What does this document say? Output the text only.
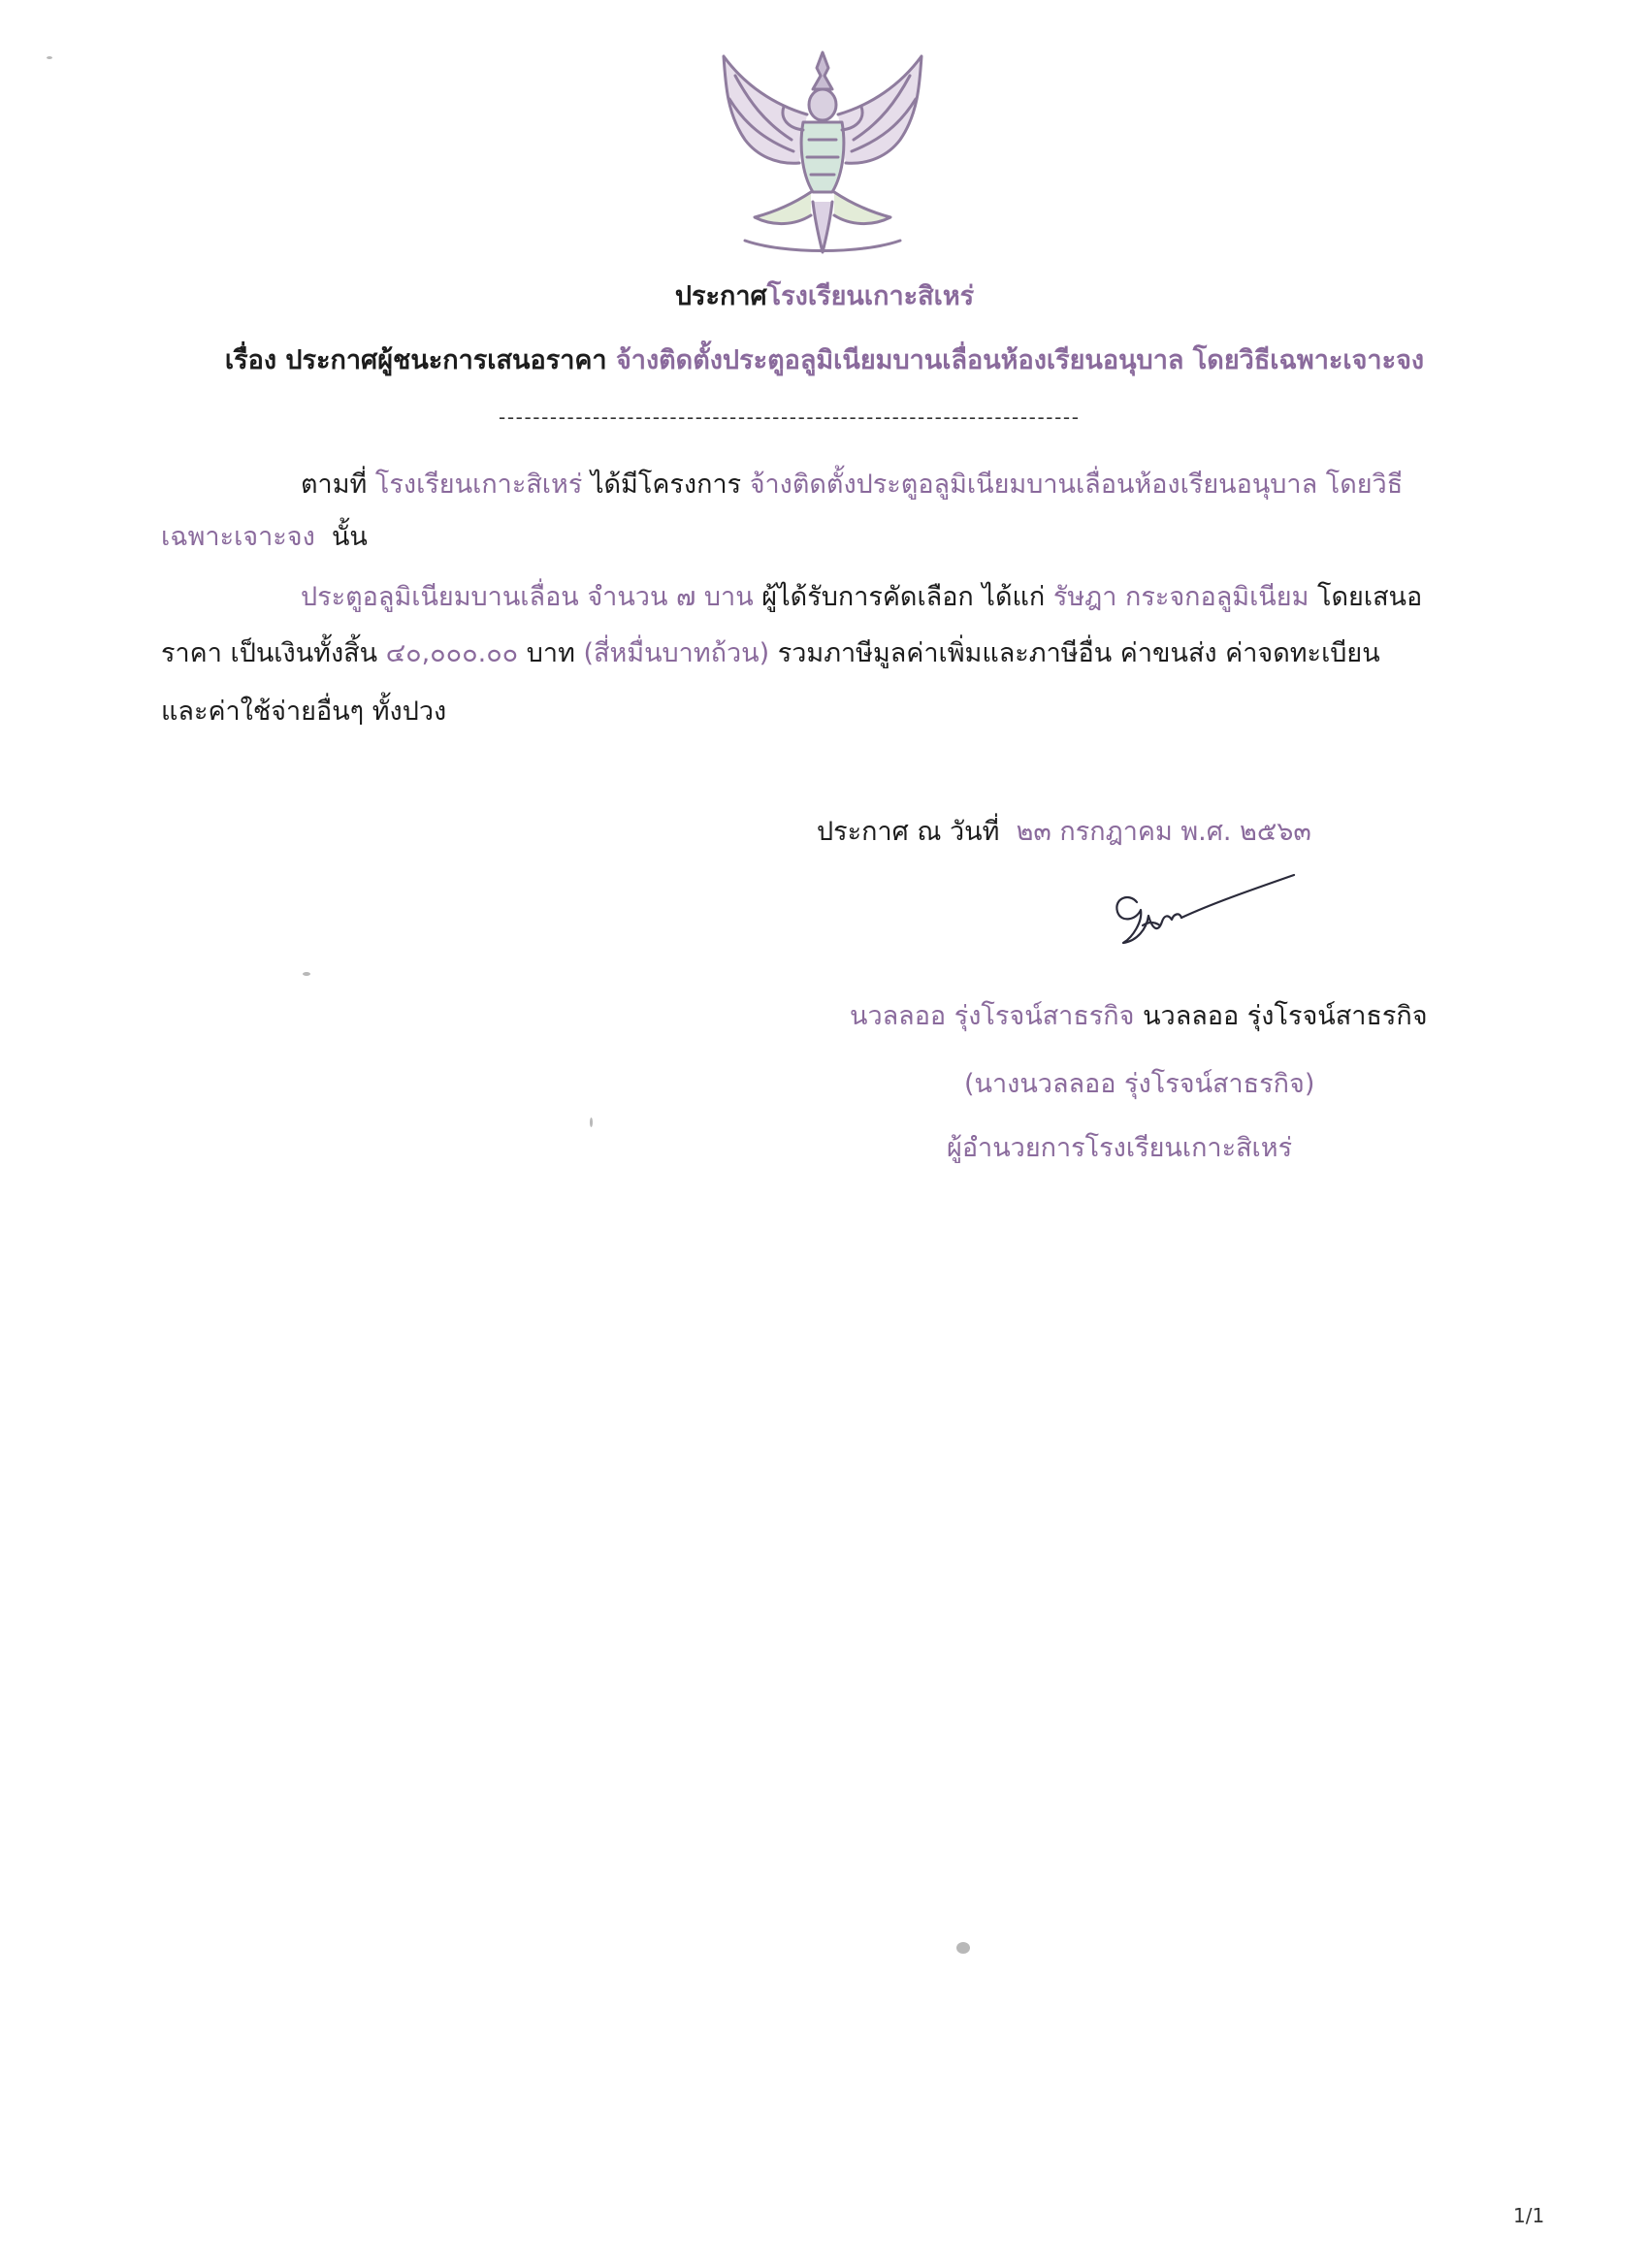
ประกาศโรงเรียนเกาะสิเหร่
เรื่อง ประกาศผู้ชนะการเสนอราคา จ้างติดตั้งประตูอลูมิเนียมบานเลื่อนห้องเรียนอนุบาล โดยวิธีเฉพาะเจาะจง
--------------------------------------------------------------------
ตามที่ โรงเรียนเกาะสิเหร่ ได้มีโครงการ จ้างติดตั้งประตูอลูมิเนียมบานเลื่อนห้องเรียนอนุบาล โดยวิธี
เฉพาะเจาะจง นั้น
ประตูอลูมิเนียมบานเลื่อน จำนวน ๗ บาน ผู้ได้รับการคัดเลือก ได้แก่ รัษฎา กระจกอลูมิเนียม โดยเสนอ
ราคา เป็นเงินทั้งสิ้น ๔๐,๐๐๐.๐๐ บาท (สี่หมื่นบาทถ้วน) รวมภาษีมูลค่าเพิ่มและภาษีอื่น ค่าขนส่ง ค่าจดทะเบียน
และค่าใช้จ่ายอื่นๆ ทั้งปวง
ประกาศ ณ วันที่ ๒๓ กรกฎาคม พ.ศ. ๒๕๖๓
นวลลออ รุ่งโรจน์สาธรกิจ นวลลออ รุ่งโรจน์สาธรกิจ
(นางนวลลออ รุ่งโรจน์สาธรกิจ)
ผู้อำนวยการโรงเรียนเกาะสิเหร่
1/1
